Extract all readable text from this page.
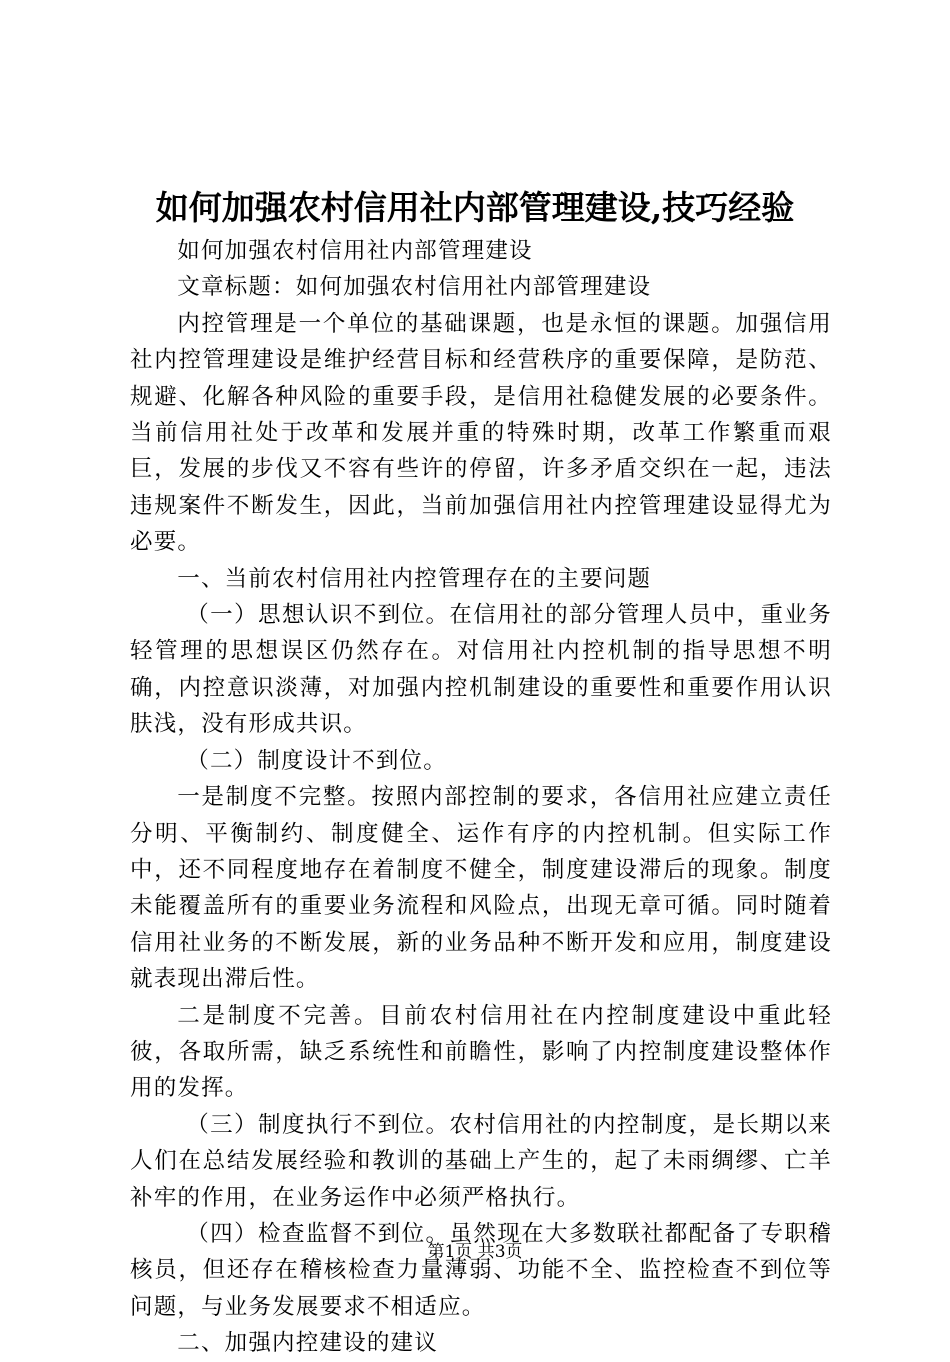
如何加强农村信用社内部管理建设,技巧经验

如何加强农村信用社内部管理建设

文章标题：如何加强农村信用社内部管理建设

内控管理是一个单位的基础课题，也是永恒的课题。加强信用社内控管理建设是维护经营目标和经营秩序的重要保障，是防范、规避、化解各种风险的重要手段，是信用社稳健发展的必要条件。当前信用社处于改革和发展并重的特殊时期，改革工作繁重而艰巨，发展的步伐又不容有些许的停留，许多矛盾交织在一起，违法违规案件不断发生，因此，当前加强信用社内控管理建设显得尤为必要。

一、当前农村信用社内控管理存在的主要问题

（一）思想认识不到位。在信用社的部分管理人员中，重业务轻管理的思想误区仍然存在。对信用社内控机制的指导思想不明确，内控意识淡薄，对加强内控机制建设的重要性和重要作用认识肤浅，没有形成共识。

（二）制度设计不到位。

一是制度不完整。按照内部控制的要求，各信用社应建立责任分明、平衡制约、制度健全、运作有序的内控机制。但实际工作中，还不同程度地存在着制度不健全，制度建设滞后的现象。制度未能覆盖所有的重要业务流程和风险点，出现无章可循。同时随着信用社业务的不断发展，新的业务品种不断开发和应用，制度建设就表现出滞后性。

二是制度不完善。目前农村信用社在内控制度建设中重此轻彼，各取所需，缺乏系统性和前瞻性，影响了内控制度建设整体作用的发挥。

（三）制度执行不到位。农村信用社的内控制度，是长期以来人们在总结发展经验和教训的基础上产生的，起了未雨绸缪、亡羊补牢的作用，在业务运作中必须严格执行。

（四）检查监督不到位。虽然现在大多数联社都配备了专职稽核员，但还存在稽核检查力量薄弱、功能不全、监控检查不到位等问题，与业务发展要求不相适应。

二、加强内控建设的建议

第1页 共3页
